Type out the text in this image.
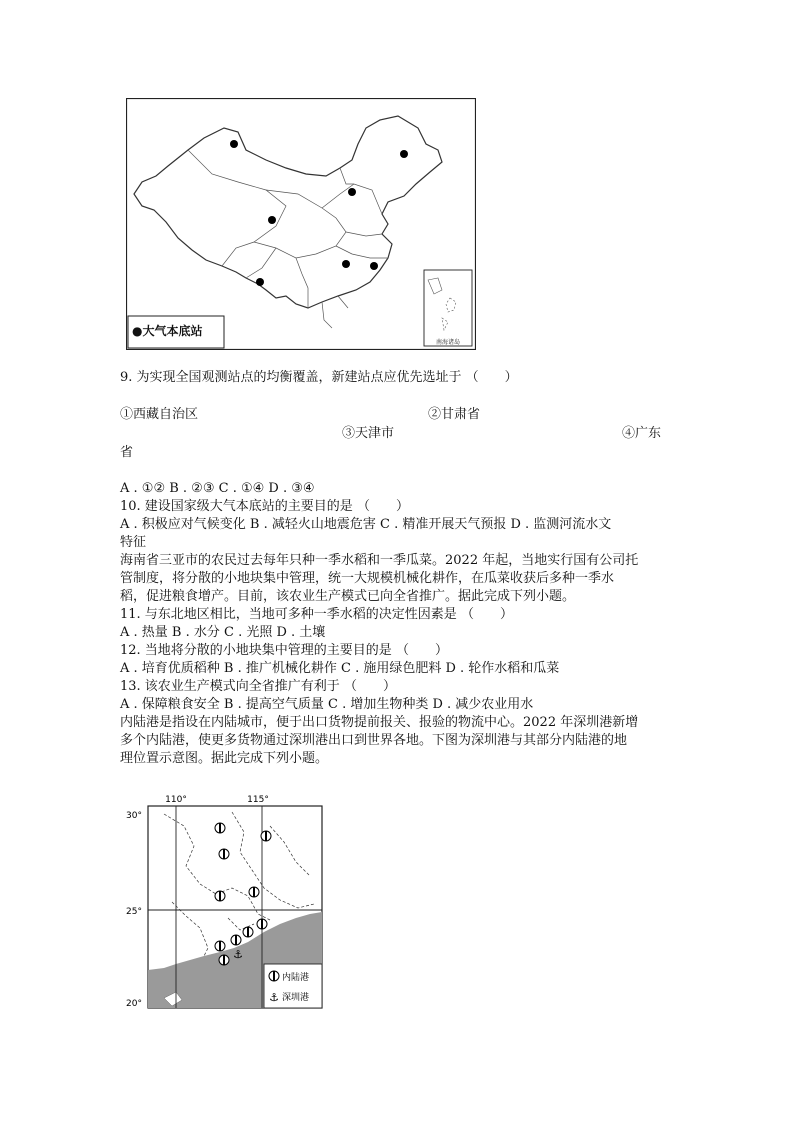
南海诸岛
●大气本底站
9. 为实现全国观测站点的均衡覆盖，新建站点应优先选址于 （　　）
①西藏自治区	②甘肃省
③天津市	④广东
省
A . ①② B . ②③ C . ①④ D . ③④
10. 建设国家级大气本底站的主要目的是 （　　）
A . 积极应对气候变化 B . 减轻火山地震危害 C . 精准开展天气预报 D . 监测河流水文
特征
海南省三亚市的农民过去每年只种一季水稻和一季瓜菜。2022 年起，当地实行国有公司托
管制度，将分散的小地块集中管理，统一大规模机械化耕作，在瓜菜收获后多种一季水
稻，促进粮食增产。目前，该农业生产模式已向全省推广。据此完成下列小题。
11. 与东北地区相比，当地可多种一季水稻的决定性因素是 （　　）
A . 热量 B . 水分 C . 光照 D . 土壤
12. 当地将分散的小地块集中管理的主要目的是 （　　）
A . 培育优质稻种 B . 推广机械化耕作 C . 施用绿色肥料 D . 轮作水稻和瓜菜
13. 该农业生产模式向全省推广有利于 （　　）
A . 保障粮食安全 B . 提高空气质量 C . 增加生物种类 D . 减少农业用水
内陆港是指设在内陆城市，便于出口货物提前报关、报验的物流中心。2022 年深圳港新增
多个内陆港，使更多货物通过深圳港出口到世界各地。下图为深圳港与其部分内陆港的地
理位置示意图。据此完成下列小题。
⚓
⚓
内陆港
深圳港
110°	115°
30°
25°
20°
